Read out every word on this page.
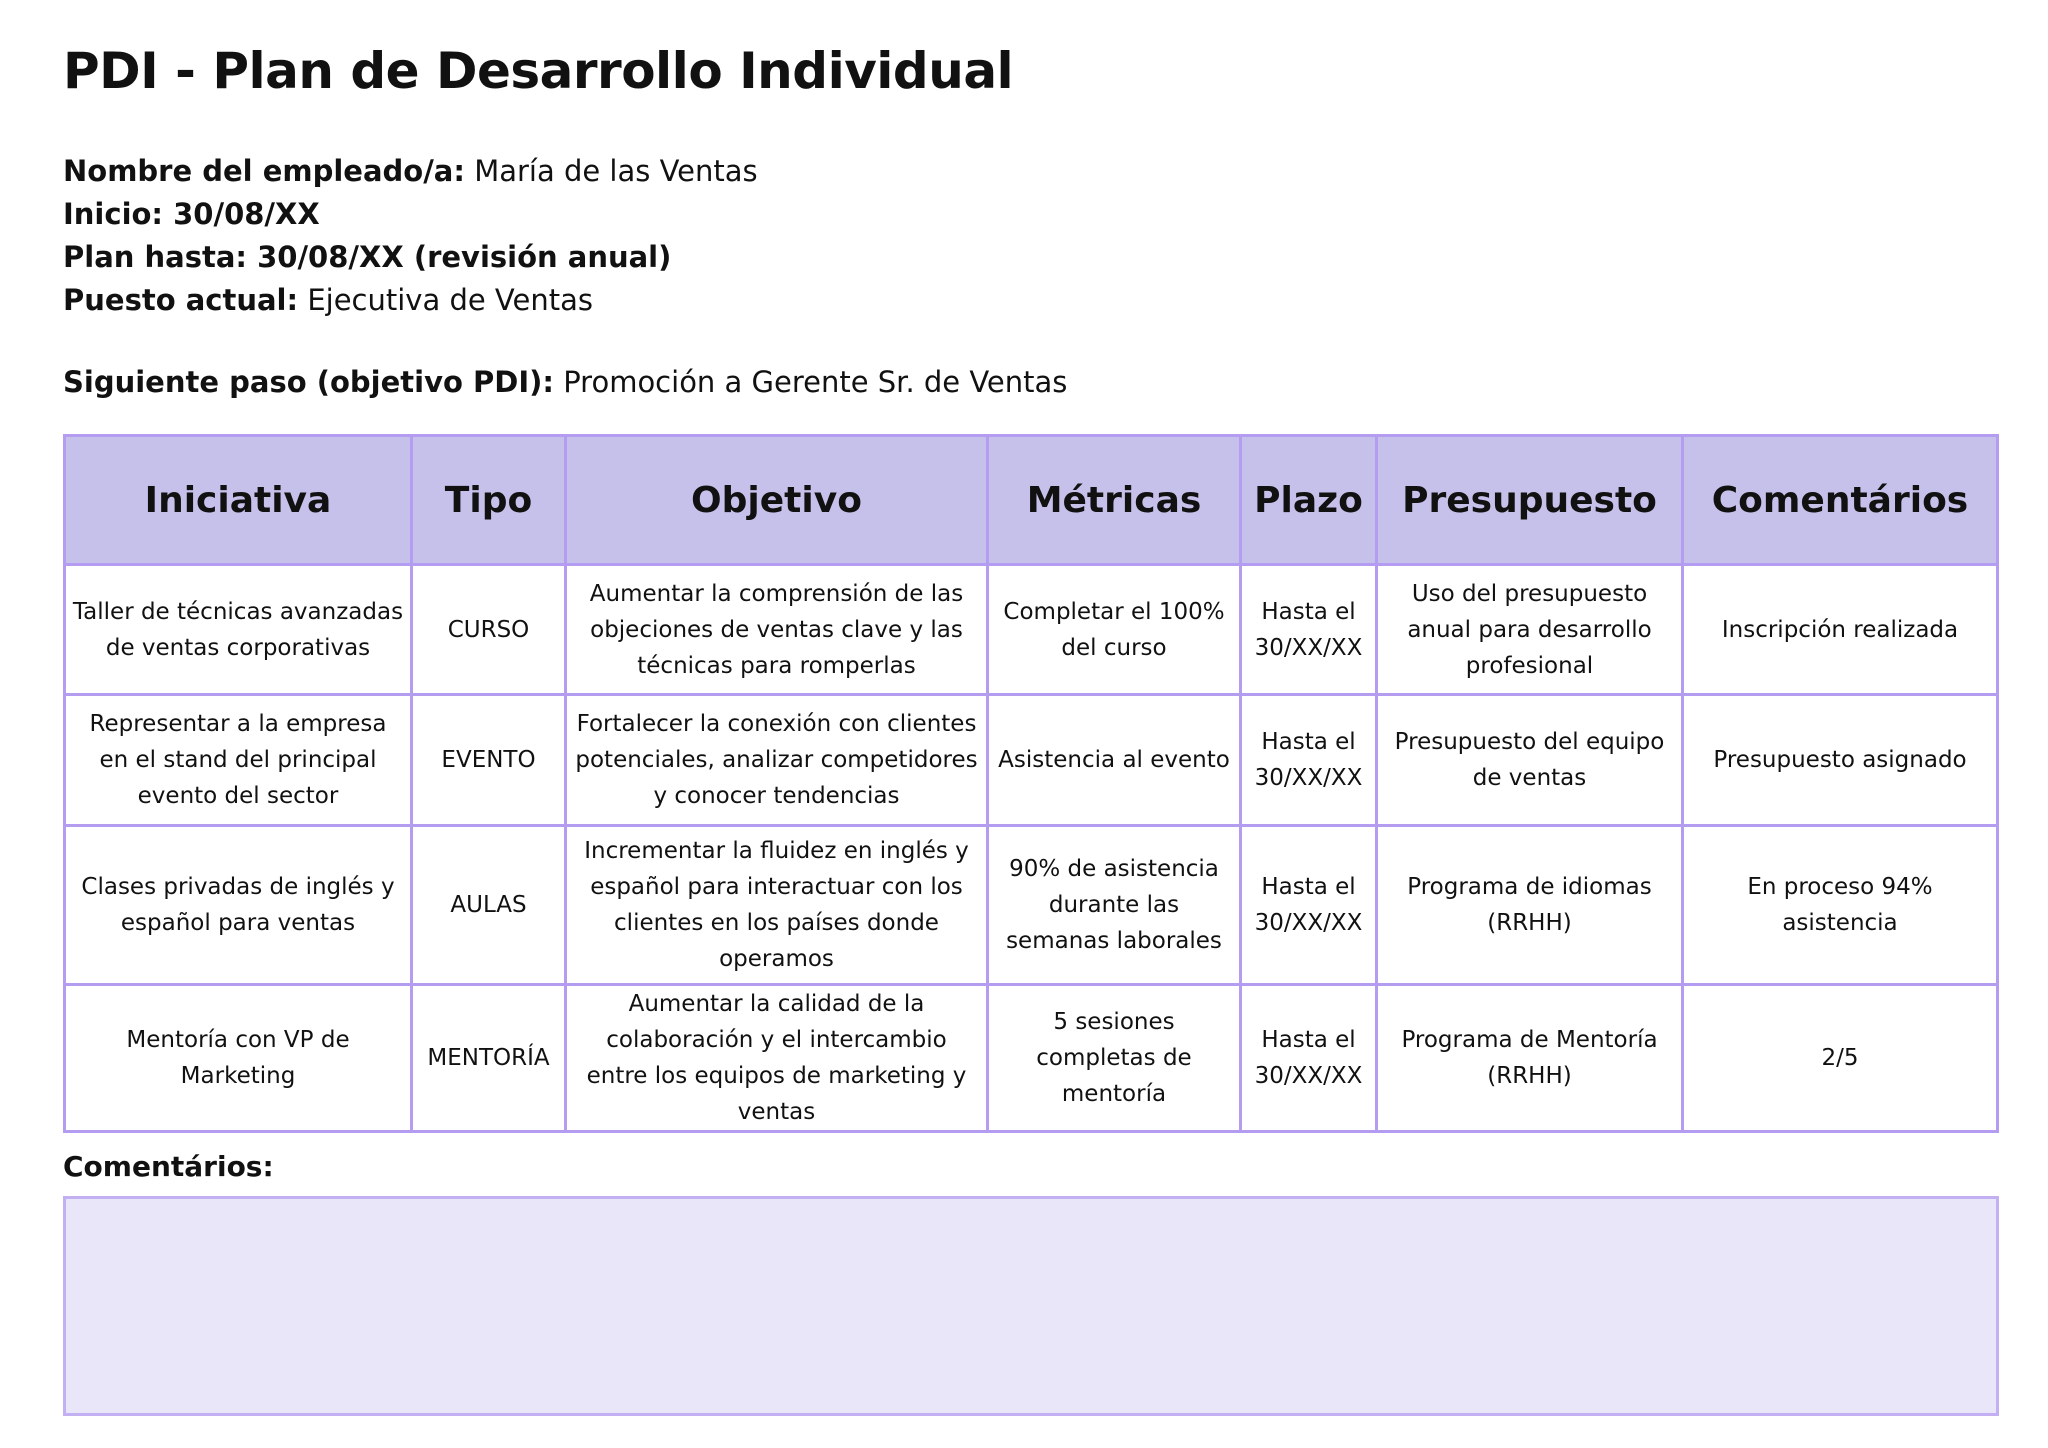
PDI - Plan de Desarrollo Individual
Nombre del empleado/a: María de las Ventas
Inicio: 30/08/XX
Plan hasta: 30/08/XX (revisión anual)
Puesto actual: Ejecutiva de Ventas
Siguiente paso (objetivo PDI): Promoción a Gerente Sr. de Ventas
Iniciativa	Tipo	Objetivo	Métricas	Plazo	Presupuesto	Comentários
Taller de técnicas avanzadas de ventas corporativas	CURSO	Aumentar la comprensión de las objeciones de ventas clave y las técnicas para romperlas	Completar el 100% del curso	Hasta el 30/XX/XX	Uso del presupuesto anual para desarrollo profesional	Inscripción realizada
Representar a la empresa en el stand del principal evento del sector	EVENTO	Fortalecer la conexión con clientes potenciales, analizar competidores y conocer tendencias	Asistencia al evento	Hasta el 30/XX/XX	Presupuesto del equipo de ventas	Presupuesto asignado
Clases privadas de inglés y español para ventas	AULAS	Incrementar la fluidez en inglés y español para interactuar con los clientes en los países donde operamos	90% de asistencia durante las semanas laborales	Hasta el 30/XX/XX	Programa de idiomas (RRHH)	En proceso 94% asistencia
Mentoría con VP de Marketing	MENTORÍA	Aumentar la calidad de la colaboración y el intercambio entre los equipos de marketing y ventas	5 sesiones completas de mentoría	Hasta el 30/XX/XX	Programa de Mentoría (RRHH)	2/5
Comentários:
